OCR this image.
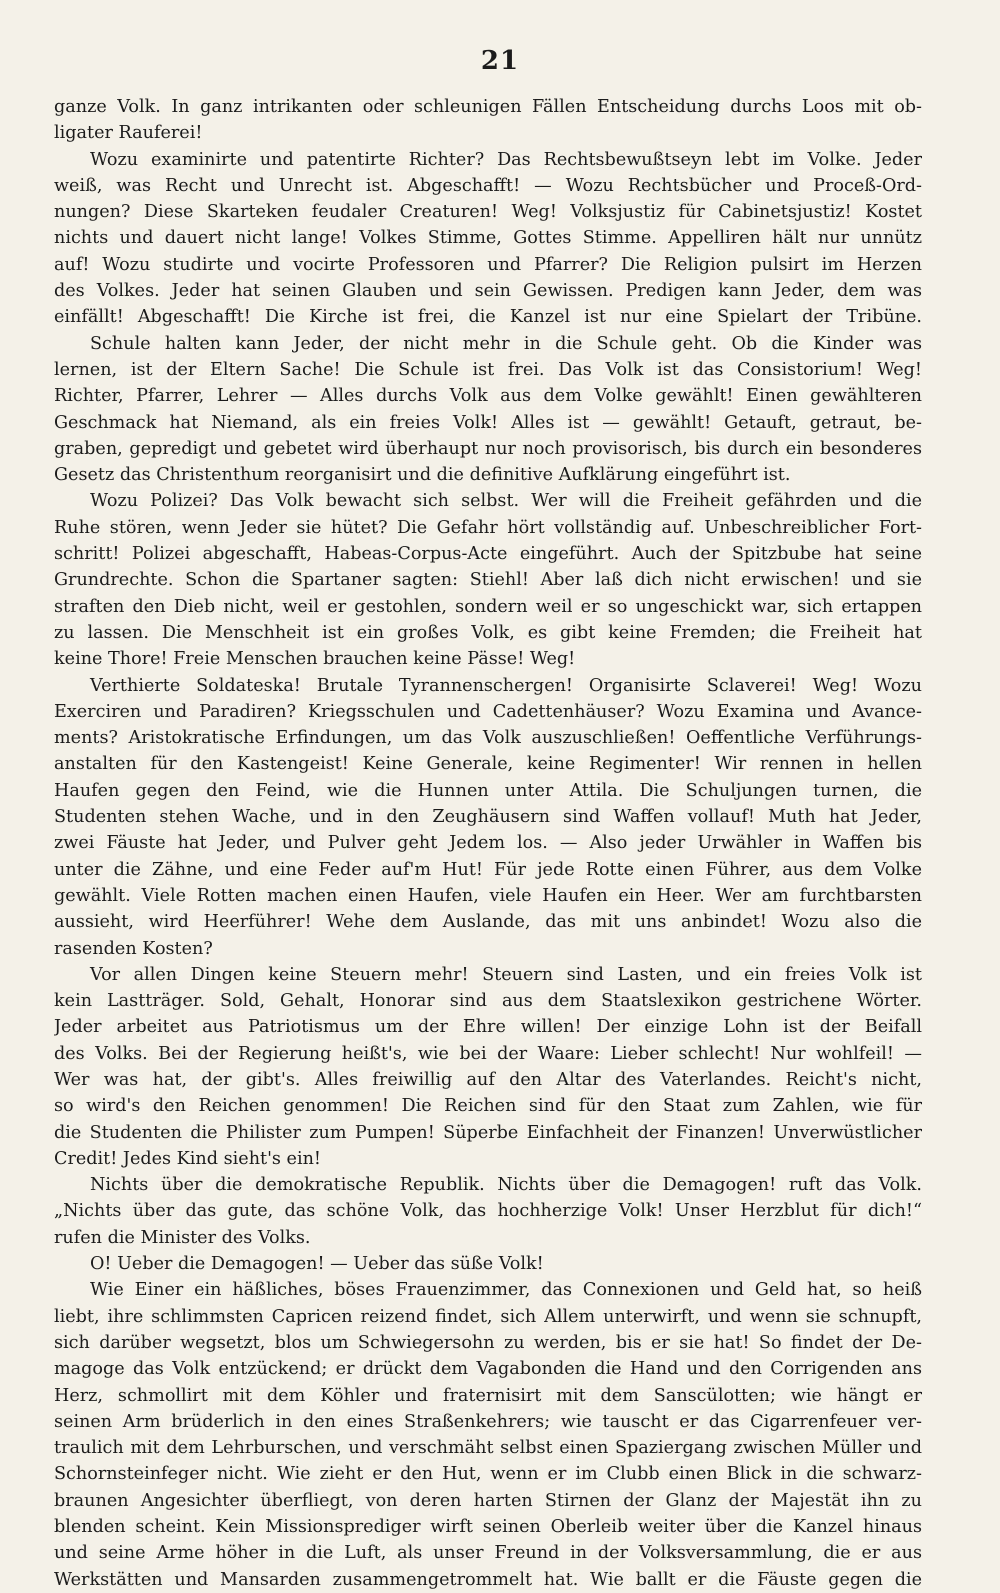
21
ganze Volk. In ganz intrikanten oder schleunigen Fällen Entscheidung durchs Loos mit ob-
ligater Rauferei!
Wozu examinirte und patentirte Richter? Das Rechtsbewußtseyn lebt im Volke. Jeder
weiß, was Recht und Unrecht ist. Abgeschafft! — Wozu Rechtsbücher und Proceß-Ord-
nungen? Diese Skarteken feudaler Creaturen! Weg! Volksjustiz für Cabinetsjustiz! Kostet
nichts und dauert nicht lange! Volkes Stimme, Gottes Stimme. Appelliren hält nur unnütz
auf! Wozu studirte und vocirte Professoren und Pfarrer? Die Religion pulsirt im Herzen
des Volkes. Jeder hat seinen Glauben und sein Gewissen. Predigen kann Jeder, dem was
einfällt! Abgeschafft! Die Kirche ist frei, die Kanzel ist nur eine Spielart der Tribüne.
Schule halten kann Jeder, der nicht mehr in die Schule geht. Ob die Kinder was
lernen, ist der Eltern Sache! Die Schule ist frei. Das Volk ist das Consistorium! Weg!
Richter, Pfarrer, Lehrer — Alles durchs Volk aus dem Volke gewählt! Einen gewählteren
Geschmack hat Niemand, als ein freies Volk! Alles ist — gewählt! Getauft, getraut, be-
graben, gepredigt und gebetet wird überhaupt nur noch provisorisch, bis durch ein besonderes
Gesetz das Christenthum reorganisirt und die definitive Aufklärung eingeführt ist.
Wozu Polizei? Das Volk bewacht sich selbst. Wer will die Freiheit gefährden und die
Ruhe stören, wenn Jeder sie hütet? Die Gefahr hört vollständig auf. Unbeschreiblicher Fort-
schritt! Polizei abgeschafft, Habeas-Corpus-Acte eingeführt. Auch der Spitzbube hat seine
Grundrechte. Schon die Spartaner sagten: Stiehl! Aber laß dich nicht erwischen! und sie
straften den Dieb nicht, weil er gestohlen, sondern weil er so ungeschickt war, sich ertappen
zu lassen. Die Menschheit ist ein großes Volk, es gibt keine Fremden; die Freiheit hat
keine Thore! Freie Menschen brauchen keine Pässe! Weg!
Verthierte Soldateska! Brutale Tyrannenschergen! Organisirte Sclaverei! Weg! Wozu
Exerciren und Paradiren? Kriegsschulen und Cadettenhäuser? Wozu Examina und Avance-
ments? Aristokratische Erfindungen, um das Volk auszuschließen! Oeffentliche Verführungs-
anstalten für den Kastengeist! Keine Generale, keine Regimenter! Wir rennen in hellen
Haufen gegen den Feind, wie die Hunnen unter Attila. Die Schuljungen turnen, die
Studenten stehen Wache, und in den Zeughäusern sind Waffen vollauf! Muth hat Jeder,
zwei Fäuste hat Jeder, und Pulver geht Jedem los. — Also jeder Urwähler in Waffen bis
unter die Zähne, und eine Feder auf'm Hut! Für jede Rotte einen Führer, aus dem Volke
gewählt. Viele Rotten machen einen Haufen, viele Haufen ein Heer. Wer am furchtbarsten
aussieht, wird Heerführer! Wehe dem Auslande, das mit uns anbindet! Wozu also die
rasenden Kosten?
Vor allen Dingen keine Steuern mehr! Steuern sind Lasten, und ein freies Volk ist
kein Lastträger. Sold, Gehalt, Honorar sind aus dem Staatslexikon gestrichene Wörter.
Jeder arbeitet aus Patriotismus um der Ehre willen! Der einzige Lohn ist der Beifall
des Volks. Bei der Regierung heißt's, wie bei der Waare: Lieber schlecht! Nur wohlfeil! —
Wer was hat, der gibt's. Alles freiwillig auf den Altar des Vaterlandes. Reicht's nicht,
so wird's den Reichen genommen! Die Reichen sind für den Staat zum Zahlen, wie für
die Studenten die Philister zum Pumpen! Süperbe Einfachheit der Finanzen! Unverwüstlicher
Credit! Jedes Kind sieht's ein!
Nichts über die demokratische Republik. Nichts über die Demagogen! ruft das Volk.
„Nichts über das gute, das schöne Volk, das hochherzige Volk! Unser Herzblut für dich!“
rufen die Minister des Volks.
O! Ueber die Demagogen! — Ueber das süße Volk!
Wie Einer ein häßliches, böses Frauenzimmer, das Connexionen und Geld hat, so heiß
liebt, ihre schlimmsten Capricen reizend findet, sich Allem unterwirft, und wenn sie schnupft,
sich darüber wegsetzt, blos um Schwiegersohn zu werden, bis er sie hat! So findet der De-
magoge das Volk entzückend; er drückt dem Vagabonden die Hand und den Corrigenden ans
Herz, schmollirt mit dem Köhler und fraternisirt mit dem Sanscülotten; wie hängt er
seinen Arm brüderlich in den eines Straßenkehrers; wie tauscht er das Cigarrenfeuer ver-
traulich mit dem Lehrburschen, und verschmäht selbst einen Spaziergang zwischen Müller und
Schornsteinfeger nicht. Wie zieht er den Hut, wenn er im Clubb einen Blick in die schwarz-
braunen Angesichter überfliegt, von deren harten Stirnen der Glanz der Majestät ihn zu
blenden scheint. Kein Missionsprediger wirft seinen Oberleib weiter über die Kanzel hinaus
und seine Arme höher in die Luft, als unser Freund in der Volksversammlung, die er aus
Werkstätten und Mansarden zusammengetrommelt hat. Wie ballt er die Fäuste gegen die
